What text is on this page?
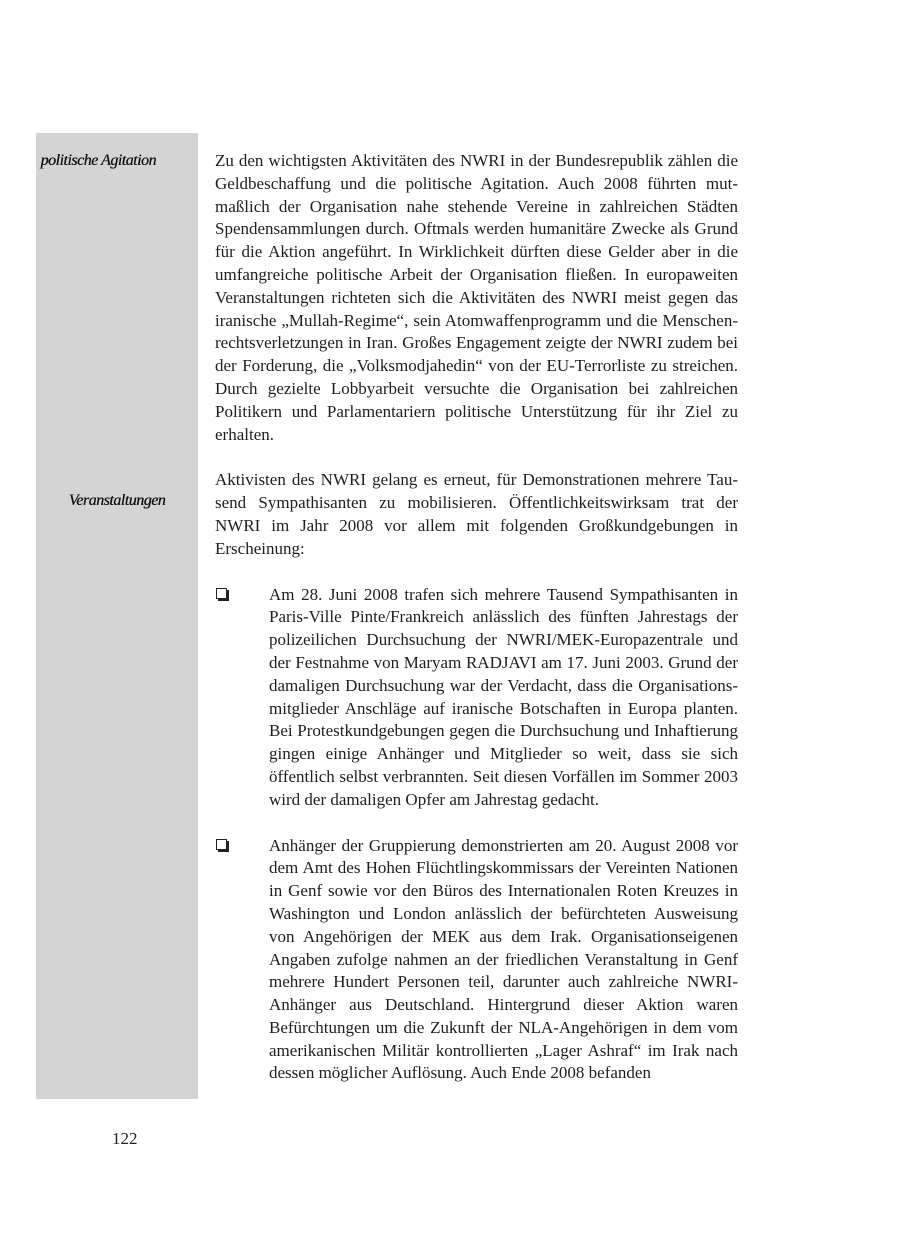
politische Agitation
Veranstaltungen

Zu den wichtigsten Aktivitäten des NWRI in der Bundesrepublik zählen die Geldbeschaffung und die politische Agitation. Auch 2008 führten mutmaßlich der Organisation nahe stehende Vereine in zahlreichen Städten Spendensammlungen durch. Oftmals werden humanitäre Zwecke als Grund für die Aktion angeführt. In Wirklichkeit dürften diese Gelder aber in die umfangreiche politische Arbeit der Organisation fließen. In europaweiten Veranstaltungen richteten sich die Aktivitäten des NWRI meist gegen das iranische „Mullah-Regime“, sein Atomwaffenprogramm und die Menschenrechtsverletzungen in Iran. Großes Engagement zeigte der NWRI zudem bei der Forderung, die „Volksmodjahedin“ von der EU-Terrorliste zu streichen. Durch gezielte Lobbyarbeit versuchte die Organisation bei zahlreichen Politikern und Parlamentariern politische Unterstützung für ihr Ziel zu erhalten.

Aktivisten des NWRI gelang es erneut, für Demonstrationen mehrere Tausend Sympathisanten zu mobilisieren. Öffentlichkeitswirksam trat der NWRI im Jahr 2008 vor allem mit folgenden Großkundgebungen in Erscheinung:

Am 28. Juni 2008 trafen sich mehrere Tausend Sympathisanten in Paris-Ville Pinte/Frankreich anlässlich des fünften Jahrestags der polizeilichen Durchsuchung der NWRI/MEK-Europazentrale und der Festnahme von Maryam RADJAVI am 17. Juni 2003. Grund der damaligen Durchsuchung war der Verdacht, dass die Organisationsmitglieder Anschläge auf iranische Botschaften in Europa planten. Bei Protestkundgebungen gegen die Durchsuchung und Inhaftierung gingen einige Anhänger und Mitglieder so weit, dass sie sich öffentlich selbst verbrannten. Seit diesen Vorfällen im Sommer 2003 wird der damaligen Opfer am Jahrestag gedacht.

Anhänger der Gruppierung demonstrierten am 20. August 2008 vor dem Amt des Hohen Flüchtlingskommissars der Vereinten Nationen in Genf sowie vor den Büros des Internationalen Roten Kreuzes in Washington und London anlässlich der befürchteten Ausweisung von Angehörigen der MEK aus dem Irak. Organisationseigenen Angaben zufolge nahmen an der friedlichen Veranstaltung in Genf mehrere Hundert Personen teil, darunter auch zahlreiche NWRI-Anhänger aus Deutschland. Hintergrund dieser Aktion waren Befürchtungen um die Zukunft der NLA-Angehörigen in dem vom amerikanischen Militär kontrollierten „Lager Ashraf“ im Irak nach dessen möglicher Auflösung. Auch Ende 2008 befanden

122
